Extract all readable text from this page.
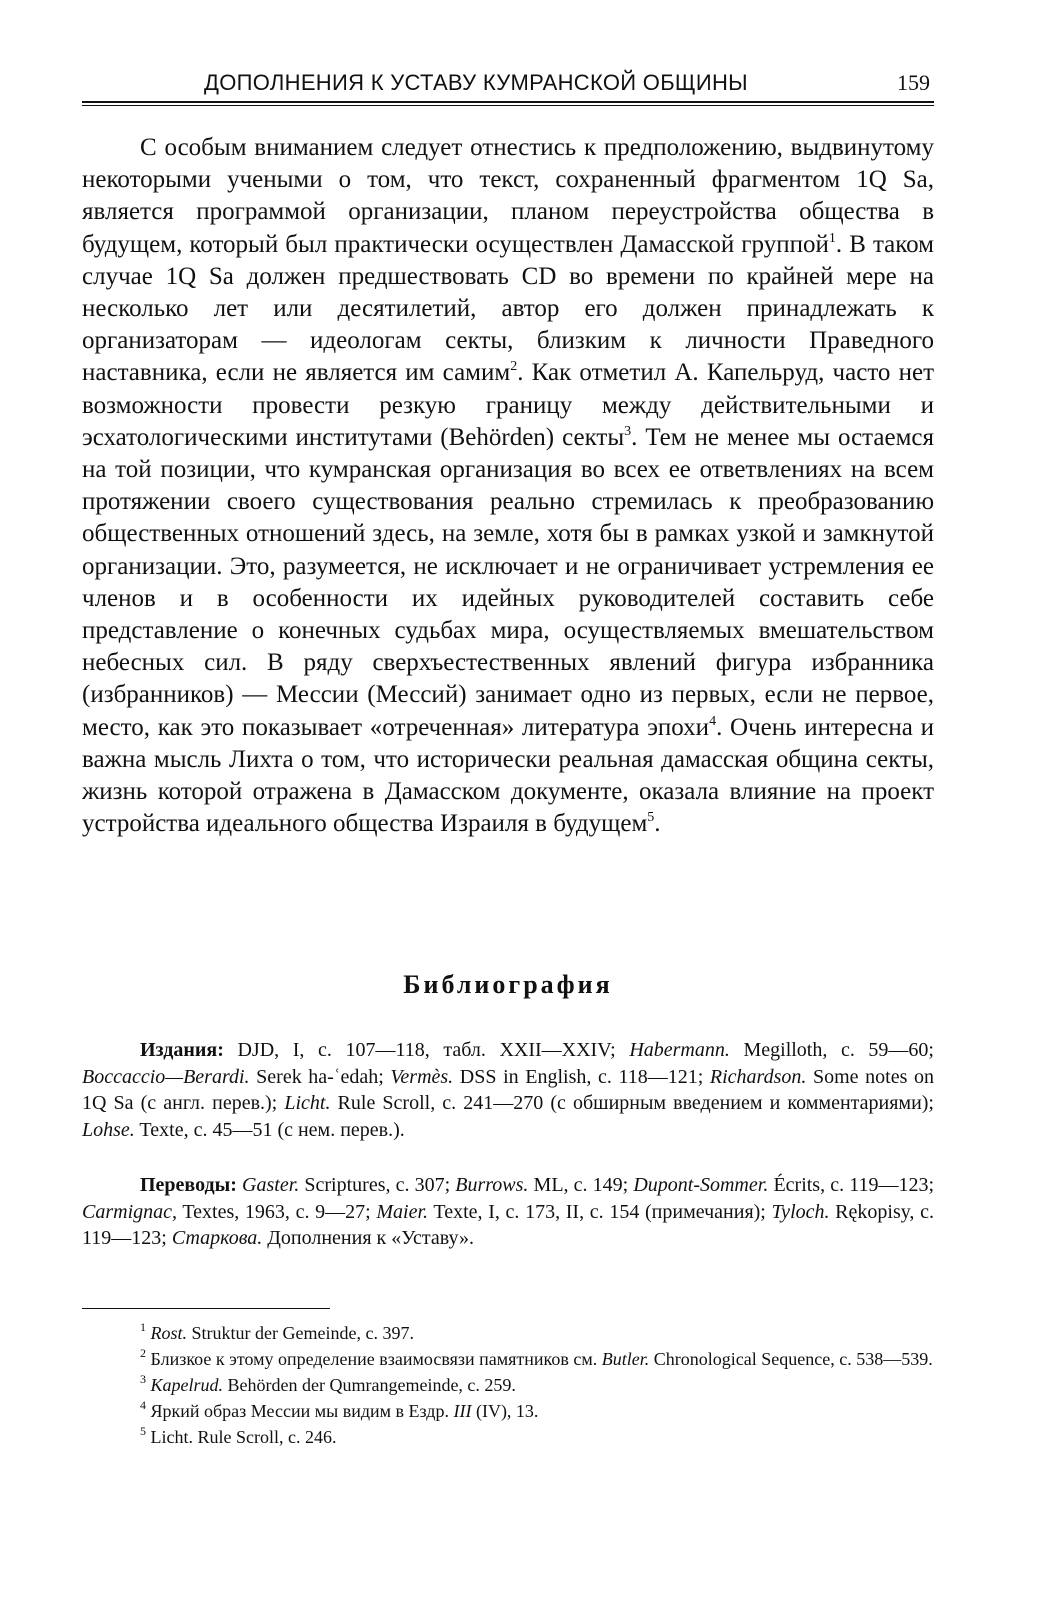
ДОПОЛНЕНИЯ К УСТАВУ КУМРАНСКОЙ ОБЩИНЫ	159

С особым вниманием следует отнестись к предположению, выдвинутому некоторыми учеными о том, что текст, сохраненный фрагментом 1Q Sa, является программой организации, планом переустройства общества в будущем, который был практически осуществлен Дамасской группой$^1$. В таком случае 1Q Sa должен предшествовать CD во времени по крайней мере на несколько лет или десятилетий, автор его должен принадлежать к организаторам — идеологам секты, близким к личности Праведного наставника, если не является им самим$^2$. Как отметил А. Капельруд, часто нет возможности провести резкую границу между действительными и эсхатологическими институтами (Behörden) секты$^3$. Тем не менее мы остаемся на той позиции, что кумранская организация во всех ее ответвлениях на всем протяжении своего существования реально стремилась к преобразованию общественных отношений здесь, на земле, хотя бы в рамках узкой и замкнутой организации. Это, разумеется, не исключает и не ограничивает устремления ее членов и в особенности их идейных руководителей составить себе представление о конечных судьбах мира, осуществляемых вмешательством небесных сил. В ряду сверхъестественных явлений фигура избранника (избранников) — Мессии (Мессий) занимает одно из первых, если не первое, место, как это показывает «отреченная» литература эпохи$^4$. Очень интересна и важна мысль Лихта о том, что исторически реальная дамасская община секты, жизнь которой отражена в Дамасском документе, оказала влияние на проект устройства идеального общества Израиля в будущем$^5$.

Библиография

Издания: DJD, I, с. 107—118, табл. XXII—XXIV; Habermann. Megilloth, с. 59—60; Boccaccio—Berardi. Serek ha-ʿedah; Vermès. DSS in English, с. 118—121; Richardson. Some notes on 1Q Sa (с англ. перев.); Licht. Rule Scroll, с. 241—270 (с обширным введением и комментариями); Lohse. Texte, с. 45—51 (с нем. перев.).

Переводы: Gaster. Scriptures, с. 307; Burrows. ML, с. 149; Dupont-Sommer. Écrits, с. 119—123; Carmignac, Textes, 1963, с. 9—27; Maier. Texte, I, с. 173, II, с. 154 (примечания); Tyloch. Rękopisy, с. 119—123; Старкова. Дополнения к «Уставу».

$^1$ Rost. Struktur der Gemeinde, с. 397.

$^2$ Близкое к этому определение взаимосвязи памятников см. Butler. Chronological Sequence, с. 538—539.

$^3$ Kapelrud. Behörden der Qumrangemeinde, с. 259.

$^4$ Яркий образ Мессии мы видим в Ездр. III (IV), 13.

$^5$ Licht. Rule Scroll, с. 246.
